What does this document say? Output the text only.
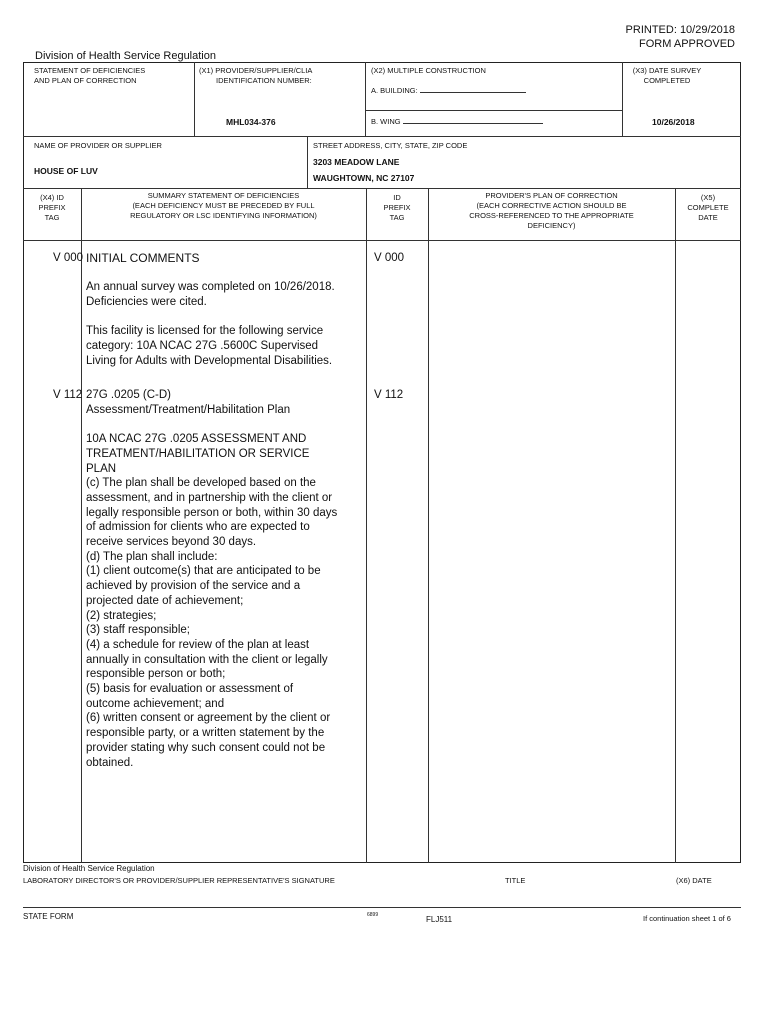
PRINTED: 10/29/2018
FORM APPROVED
Division of Health Service Regulation
STATEMENT OF DEFICIENCIES
AND PLAN OF CORRECTION
(X1) PROVIDER/SUPPLIER/CLIA
IDENTIFICATION NUMBER:
MHL034-376
(X2) MULTIPLE CONSTRUCTION
A. BUILDING:
B. WING
(X3) DATE SURVEY
COMPLETED
10/26/2018
NAME OF PROVIDER OR SUPPLIER
HOUSE OF LUV
STREET ADDRESS, CITY, STATE, ZIP CODE
3203 MEADOW LANE
WAUGHTOWN, NC 27107
(X4) ID
PREFIX
TAG
SUMMARY STATEMENT OF DEFICIENCIES
(EACH DEFICIENCY MUST BE PRECEDED BY FULL
REGULATORY OR LSC IDENTIFYING INFORMATION)
ID
PREFIX
TAG
PROVIDER'S PLAN OF CORRECTION
(EACH CORRECTIVE ACTION SHOULD BE
CROSS-REFERENCED TO THE APPROPRIATE
DEFICIENCY)
(X5)
COMPLETE
DATE
V 000	V 000

INITIAL COMMENTS

An annual survey was completed on 10/26/2018.
Deficiencies were cited.

This facility is licensed for the following service
category: 10A NCAC 27G .5600C Supervised
Living for Adults with Developmental Disabilities.

V 112	V 112

27G .0205 (C-D)
Assessment/Treatment/Habilitation Plan

10A NCAC 27G .0205 ASSESSMENT AND
TREATMENT/HABILITATION OR SERVICE
PLAN
(c) The plan shall be developed based on the
assessment, and in partnership with the client or
legally responsible person or both, within 30 days
of admission for clients who are expected to
receive services beyond 30 days.
(d) The plan shall include:
(1) client outcome(s) that are anticipated to be
achieved by provision of the service and a
projected date of achievement;
(2) strategies;
(3) staff responsible;
(4) a schedule for review of the plan at least
annually in consultation with the client or legally
responsible person or both;
(5) basis for evaluation or assessment of
outcome achievement; and
(6) written consent or agreement by the client or
responsible party, or a written statement by the
provider stating why such consent could not be
obtained.

Division of Health Service Regulation
LABORATORY DIRECTOR'S OR PROVIDER/SUPPLIER REPRESENTATIVE'S SIGNATURE	TITLE	(X6) DATE
STATE FORM	6899	FLJ511	If continuation sheet 1 of 6
